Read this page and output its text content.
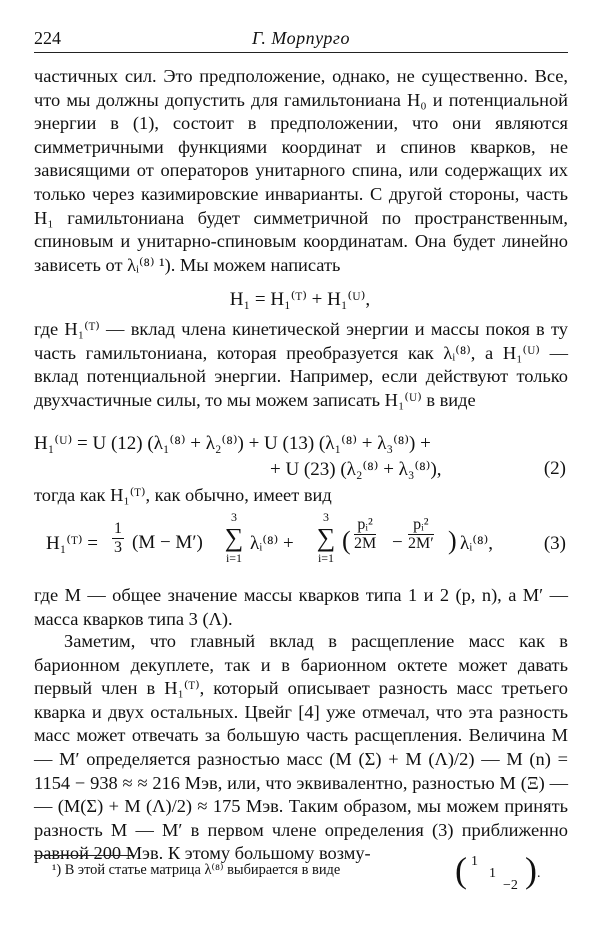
224	Г. Морпурго

частичных сил. Это предположение, однако, не существенно. Все, что мы должны допустить для гамильтониана H₀ и потенциальной энергии в (1), состоит в предположении, что они являются симметричными функциями координат и спинов кварков, не зависящими от операторов унитарного спина, или содержащих их только через казимировские инварианты. С другой стороны, часть H₁ гамильтониана будет симметричной по пространственным, спиновым и унитарно-спиновым координатам. Она будет линейно зависеть от λᵢ⁽⁸⁾ ¹). Мы можем написать

H₁ = H₁⁽ᵀ⁾ + H₁⁽ᵁ⁾,

где H₁⁽ᵀ⁾ — вклад члена кинетической энергии и массы покоя в ту часть гамильтониана, которая преобразуется как λᵢ⁽⁸⁾, а H₁⁽ᵁ⁾ — вклад потенциальной энергии. Например, если действуют только двухчастичные силы, то мы можем записать H₁⁽ᵁ⁾ в виде

H₁⁽ᵁ⁾ = U (12) (λ₁⁽⁸⁾ + λ₂⁽⁸⁾) + U (13) (λ₁⁽⁸⁾ + λ₃⁽⁸⁾) +
+ U (23) (λ₂⁽⁸⁾ + λ₃⁽⁸⁾),	(2)

тогда как H₁⁽ᵀ⁾, как обычно, имеет вид

H₁⁽ᵀ⁾ = $\frac{1}{3} (M - M')$
3
∑
i=1
λᵢ⁽⁸⁾ +
3
∑
i=1
( $\frac{\text{pᵢ²}}{2M} - \frac{\text{pᵢ²}}{2M'}$ ) λᵢ⁽⁸⁾,	(3)

где M — общее значение массы кварков типа 1 и 2 (p, n), а M′ — масса кварков типа 3 (Λ).

Заметим, что главный вклад в расщепление масс как в барионном декуплете, так и в барионном октете может давать первый член в H₁⁽ᵀ⁾, который описывает разность масс третьего кварка и двух остальных. Цвейг [4] уже отмечал, что эта разность масс может отвечать за большую часть расщепления. Величина M — M′ определяется разностью масс (M (Σ) + M (Λ)/2) — M (n) = 1154 − 938 ≈ ≈ 216 Мэв, или, что эквивалентно, разностью M (Ξ) — — (M(Σ) + M (Λ)/2) ≈ 175 Мэв. Таким образом, мы можем принять разность M — M′ в первом члене определения (3) приближенно равной 200 Мэв. К этому большому возму-

¹) В этой статье матрица λ⁽⁸⁾ выбирается в виде	( 1
1
−2 ) .
